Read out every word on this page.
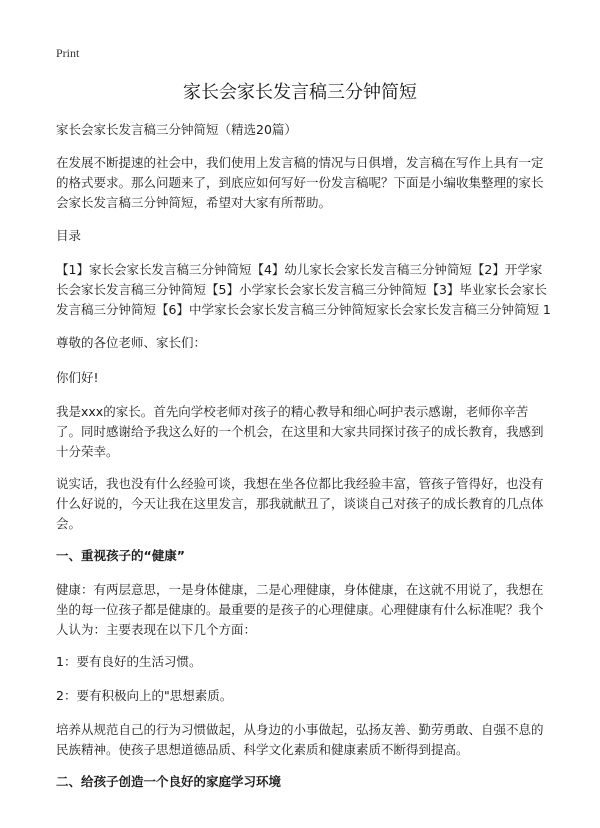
Print
家长会家长发言稿三分钟简短

家长会家长发言稿三分钟简短（精选20篇）

在发展不断提速的社会中，我们使用上发言稿的情况与日俱增，发言稿在写作上具有一定的格式要求。那么问题来了，到底应如何写好一份发言稿呢？下面是小编收集整理的家长会家长发言稿三分钟简短，希望对大家有所帮助。

目录

【1】家长会家长发言稿三分钟简短【4】幼儿家长会家长发言稿三分钟简短【2】开学家长会家长发言稿三分钟简短【5】小学家长会家长发言稿三分钟简短【3】毕业家长会家长发言稿三分钟简短【6】中学家长会家长发言稿三分钟简短家长会家长发言稿三分钟简短 1

尊敬的各位老师、家长们：

你们好!

我是xxx的家长。首先向学校老师对孩子的精心教导和细心呵护表示感谢，老师你辛苦了。同时感谢给予我这么好的一个机会，在这里和大家共同探讨孩子的成长教育，我感到十分荣幸。

说实话，我也没有什么经验可谈，我想在坐各位都比我经验丰富，管孩子管得好，也没有什么好说的，今天让我在这里发言，那我就献丑了，谈谈自己对孩子的成长教育的几点体会。

一、重视孩子的“健康”

健康：有两层意思，一是身体健康，二是心理健康，身体健康，在这就不用说了，我想在坐的每一位孩子都是健康的。最重要的是孩子的心理健康。心理健康有什么标准呢？我个人认为：主要表现在以下几个方面：

1：要有良好的生活习惯。

2：要有积极向上的"思想素质。

培养从规范自己的行为习惯做起，从身边的小事做起，弘扬友善、勤劳勇敢、自强不息的民族精神。使孩子思想道德品质、科学文化素质和健康素质不断得到提高。

二、给孩子创造一个良好的家庭学习环境
